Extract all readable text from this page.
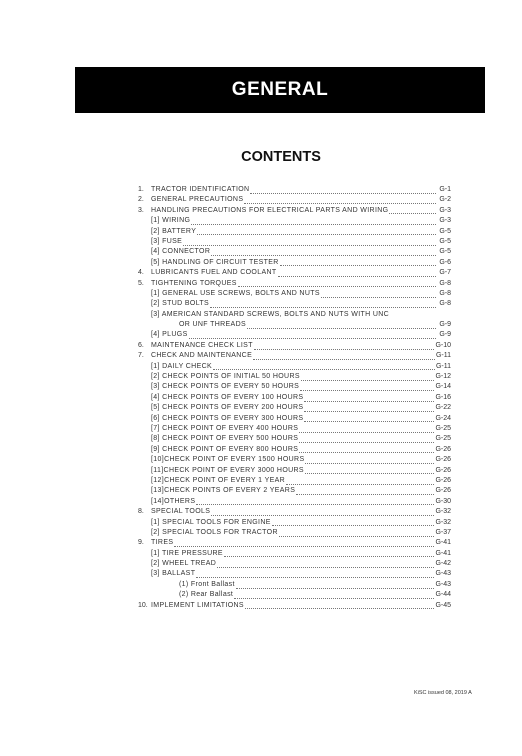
GENERAL
CONTENTS
1.	TRACTOR IDENTIFICATION	G-1
2.	GENERAL PRECAUTIONS	G-2
3.	HANDLING PRECAUTIONS FOR ELECTRICAL PARTS AND WIRING	G-3
[1] WIRING	G-3
[2] BATTERY	G-5
[3] FUSE	G-5
[4] CONNECTOR	G-5
[5] HANDLING OF CIRCUIT TESTER	G-6
4.	LUBRICANTS FUEL AND COOLANT	G-7
5.	TIGHTENING TORQUES	G-8
[1] GENERAL USE SCREWS, BOLTS AND NUTS	G-8
[2] STUD BOLTS	G-8
[3] AMERICAN STANDARD SCREWS, BOLTS AND NUTS WITH UNC
OR UNF THREADS	G-9
[4] PLUGS	G-9
6.	MAINTENANCE CHECK LIST	G-10
7.	CHECK AND MAINTENANCE	G-11
[1] DAILY CHECK	G-11
[2] CHECK POINTS OF INITIAL 50 HOURS	G-12
[3] CHECK POINTS OF EVERY 50 HOURS	G-14
[4] CHECK POINTS OF EVERY 100 HOURS	G-16
[5] CHECK POINTS OF EVERY 200 HOURS	G-22
[6] CHECK POINTS OF EVERY 300 HOURS	G-24
[7] CHECK POINT OF EVERY 400 HOURS	G-25
[8] CHECK POINT OF EVERY 500 HOURS	G-25
[9] CHECK POINT OF EVERY 800 HOURS	G-26
[10]CHECK POINT OF EVERY 1500 HOURS	G-26
[11]CHECK POINT OF EVERY 3000 HOURS	G-26
[12]CHECK POINT OF EVERY 1 YEAR	G-26
[13]CHECK POINTS OF EVERY 2 YEARS	G-26
[14]OTHERS	G-30
8.	SPECIAL TOOLS	G-32
[1] SPECIAL TOOLS FOR ENGINE	G-32
[2] SPECIAL TOOLS FOR TRACTOR	G-37
9.	TIRES	G-41
[1] TIRE PRESSURE	G-41
[2] WHEEL TREAD	G-42
[3] BALLAST	G-43
(1) Front Ballast	G-43
(2) Rear Ballast	G-44
10. IMPLEMENT LIMITATIONS	G-45
KiSC issued 08, 2019 A
